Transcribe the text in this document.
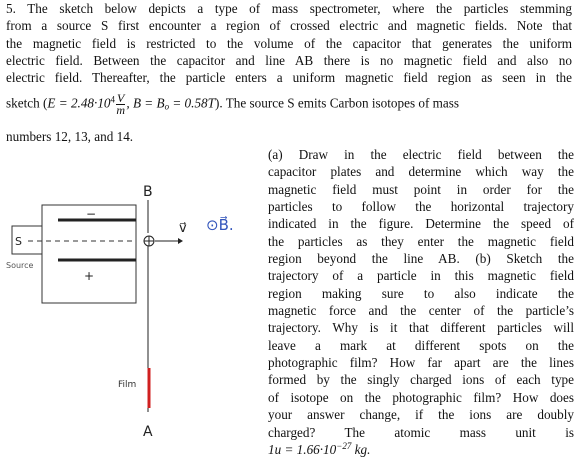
5. The sketch below depicts a type of mass spectrometer, where the particles stemming
from a source S first encounter a region of crossed electric and magnetic fields. Note that
the magnetic field is restricted to the volume of the capacitor that generates the uniform
electric field. Between the capacitor and line AB there is no magnetic field and also no
electric field. Thereafter, the particle enters a uniform magnetic field region as seen in the
sketch ($E = 2.48\cdot 10^4 \frac{V}{m}$ , $B = B_o = 0.58T$). The source S emits Carbon isotopes of mass
numbers 12, 13, and 14.
(a) Draw in the electric field between the
capacitor plates and determine which way the
magnetic field must point in order for the
particles to follow the horizontal trajectory
indicated in the figure. Determine the speed of
the particles as they enter the magnetic field
region beyond the line AB. (b) Sketch the
trajectory of a particle in this magnetic field
region making sure to also indicate the
magnetic force and the center of the particle’s
trajectory. Why is it that different particles will
leave a mark at different spots on the
photographic film? How far apart are the lines
formed by the singly charged ions of each type
of isotope on the photographic film? How does
your answer change, if the ions are doubly
charged? The atomic mass unit is
$1u = 1.66\cdot 10^{-27}$ kg.
B
−
+
S
Source
v⃗ ⊙B⃗.
Film
A
